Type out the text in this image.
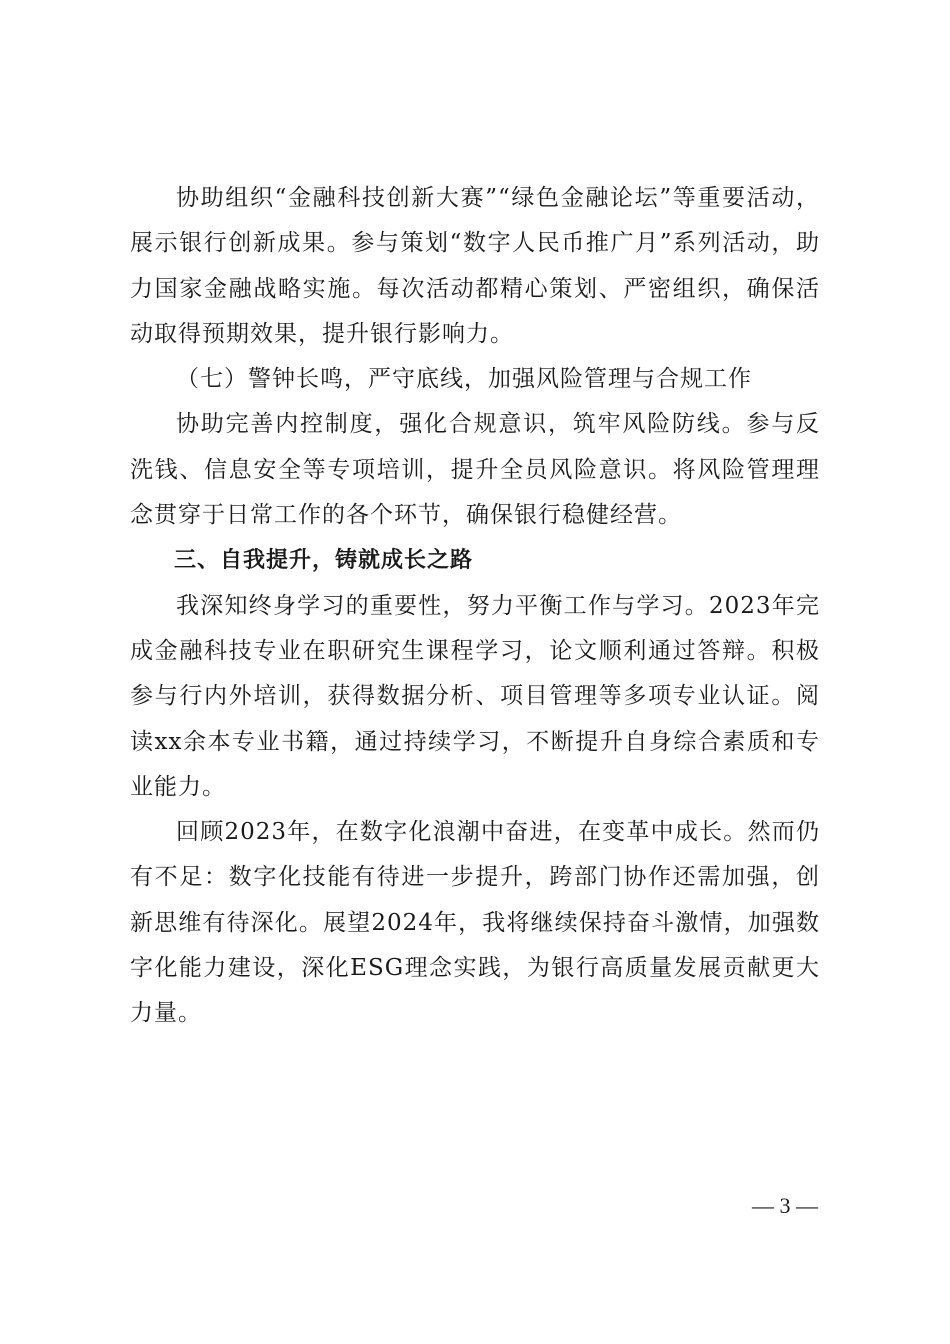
协助组织“金融科技创新大赛”“绿色金融论坛”等重要活动，展示银行创新成果。参与策划“数字人民币推广月”系列活动，助力国家金融战略实施。每次活动都精心策划、严密组织，确保活动取得预期效果，提升银行影响力。

（七）警钟长鸣，严守底线，加强风险管理与合规工作

协助完善内控制度，强化合规意识，筑牢风险防线。参与反洗钱、信息安全等专项培训，提升全员风险意识。将风险管理理念贯穿于日常工作的各个环节，确保银行稳健经营。

三、自我提升，铸就成长之路

我深知终身学习的重要性，努力平衡工作与学习。2023年完成金融科技专业在职研究生课程学习，论文顺利通过答辩。积极参与行内外培训，获得数据分析、项目管理等多项专业认证。阅读xx余本专业书籍，通过持续学习，不断提升自身综合素质和专业能力。

回顾2023年，在数字化浪潮中奋进，在变革中成长。然而仍有不足：数字化技能有待进一步提升，跨部门协作还需加强，创新思维有待深化。展望2024年，我将继续保持奋斗激情，加强数字化能力建设，深化ESG理念实践，为银行高质量发展贡献更大力量。

— 3 —
